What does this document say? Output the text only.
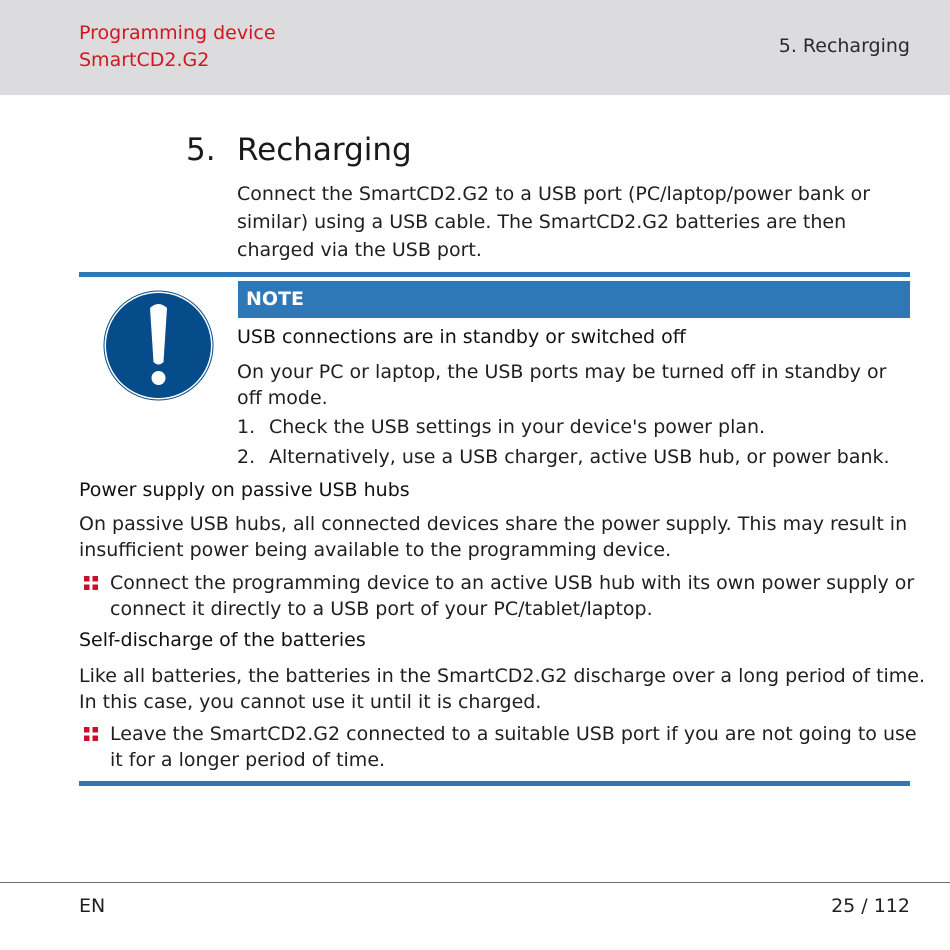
Programming device
SmartCD2.G2
5. Recharging
5. Recharging

Connect the SmartCD2.G2 to a USB port (PC/laptop/power bank or similar) using a USB cable. The SmartCD2.G2 batteries are then charged via the USB port.

NOTE
USB connections are in standby or switched off

On your PC or laptop, the USB ports may be turned off in standby or off mode.

1. Check the USB settings in your device's power plan.
2. Alternatively, use a USB charger, active USB hub, or power bank.
Power supply on passive USB hubs

On passive USB hubs, all connected devices share the power supply. This may result in insufficient power being available to the programming device.

Connect the programming device to an active USB hub with its own power supply or connect it directly to a USB port of your PC/tablet/laptop.
Self-discharge of the batteries

Like all batteries, the batteries in the SmartCD2.G2 discharge over a long period of time. In this case, you cannot use it until it is charged.

Leave the SmartCD2.G2 connected to a suitable USB port if you are not going to use it for a longer period of time.
EN	25 / 112
